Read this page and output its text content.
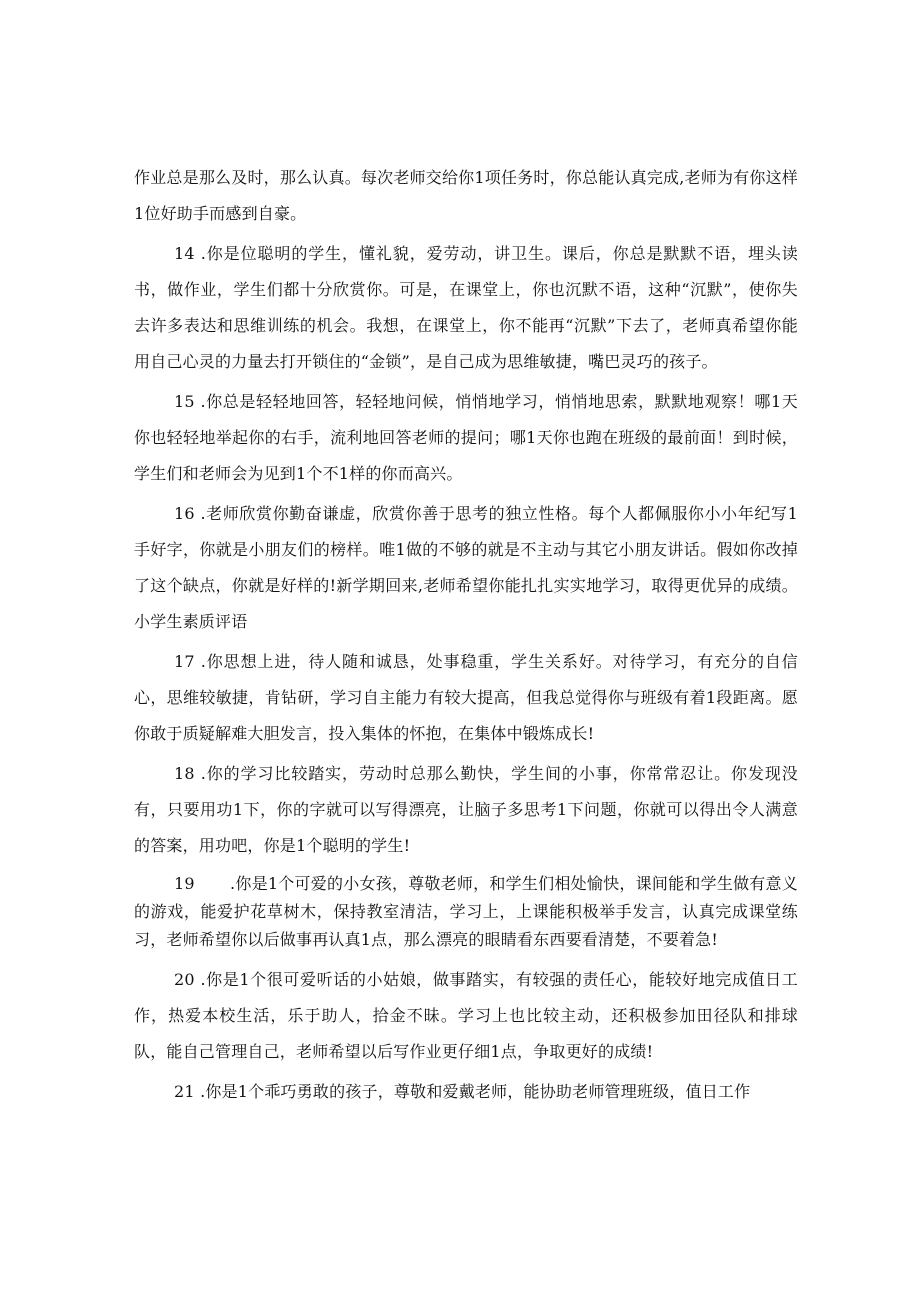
作业总是那么及时，那么认真。每次老师交给你1项任务时，你总能认真完成,老师为有你这样1位好助手而感到自豪。

14 .你是位聪明的学生，懂礼貌，爱劳动，讲卫生。课后，你总是默默不语，埋头读书，做作业，学生们都十分欣赏你。可是，在课堂上，你也沉默不语，这种“沉默”，使你失去许多表达和思维训练的机会。我想，在课堂上，你不能再“沉默”下去了，老师真希望你能用自己心灵的力量去打开锁住的“金锁”，是自己成为思维敏捷，嘴巴灵巧的孩子。

15 .你总是轻轻地回答，轻轻地问候，悄悄地学习，悄悄地思索，默默地观察！哪1天你也轻轻地举起你的右手，流利地回答老师的提问；哪1天你也跑在班级的最前面！到时候，学生们和老师会为见到1个不1样的你而高兴。

16 .老师欣赏你勤奋谦虚，欣赏你善于思考的独立性格。每个人都佩服你小小年纪写1手好字，你就是小朋友们的榜样。唯1做的不够的就是不主动与其它小朋友讲话。假如你改掉了这个缺点，你就是好样的!新学期回来,老师希望你能扎扎实实地学习，取得更优异的成绩。小学生素质评语

17 .你思想上进，待人随和诚恳，处事稳重，学生关系好。对待学习，有充分的自信心，思维较敏捷，肯钻研，学习自主能力有较大提高，但我总觉得你与班级有着1段距离。愿你敢于质疑解难大胆发言，投入集体的怀抱，在集体中锻炼成长!

18 .你的学习比较踏实，劳动时总那么勤快，学生间的小事，你常常忍让。你发现没有，只要用功1下，你的字就可以写得漂亮，让脑子多思考1下问题，你就可以得出令人满意的答案，用功吧，你是1个聪明的学生!

19 .你是1个可爱的小女孩，尊敬老师，和学生们相处愉快，课间能和学生做有意义的游戏，能爱护花草树木，保持教室清洁，学习上，上课能积极举手发言，认真完成课堂练习，老师希望你以后做事再认真1点，那么漂亮的眼睛看东西要看清楚，不要着急!

20 .你是1个很可爱听话的小姑娘，做事踏实，有较强的责任心，能较好地完成值日工作，热爱本校生活，乐于助人，拾金不昧。学习上也比较主动，还积极参加田径队和排球队，能自己管理自己，老师希望以后写作业更仔细1点，争取更好的成绩!

21 .你是1个乖巧勇敢的孩子，尊敬和爱戴老师，能协助老师管理班级，值日工作
